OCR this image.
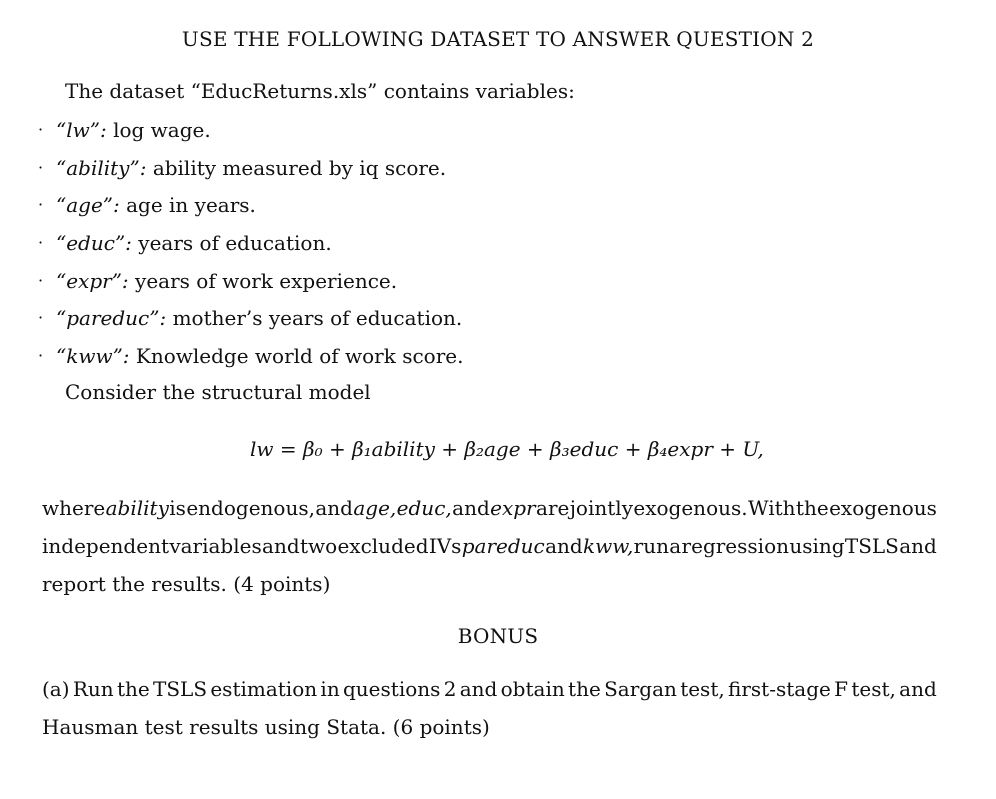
USE THE FOLLOWING DATASET TO ANSWER QUESTION 2
The dataset “EducReturns.xls” contains variables:
· “lw”:
log wage.
· “ability”:
ability measured by iq score.
· “age”:
age in years.
· “educ”:
years of education.
· “expr”:
years of work experience.
· “pareduc”:
mother’s years of education.
· “kww”:
Knowledge world of work score.
Consider the structural model
lw = β₀ + β₁ability + β₂age + β₃educ + β₄expr + U,
where ability is endogenous, and age, educ, and expr are jointly exogenous. With the exogenous
independent variables and two excluded IVs pareduc and kww, run a regression using TSLS and
report the results. (4 points)
BONUS
(a) Run the TSLS estimation in questions 2 and obtain the Sargan test, first-stage F test, and
Hausman test results using Stata. (6 points)
